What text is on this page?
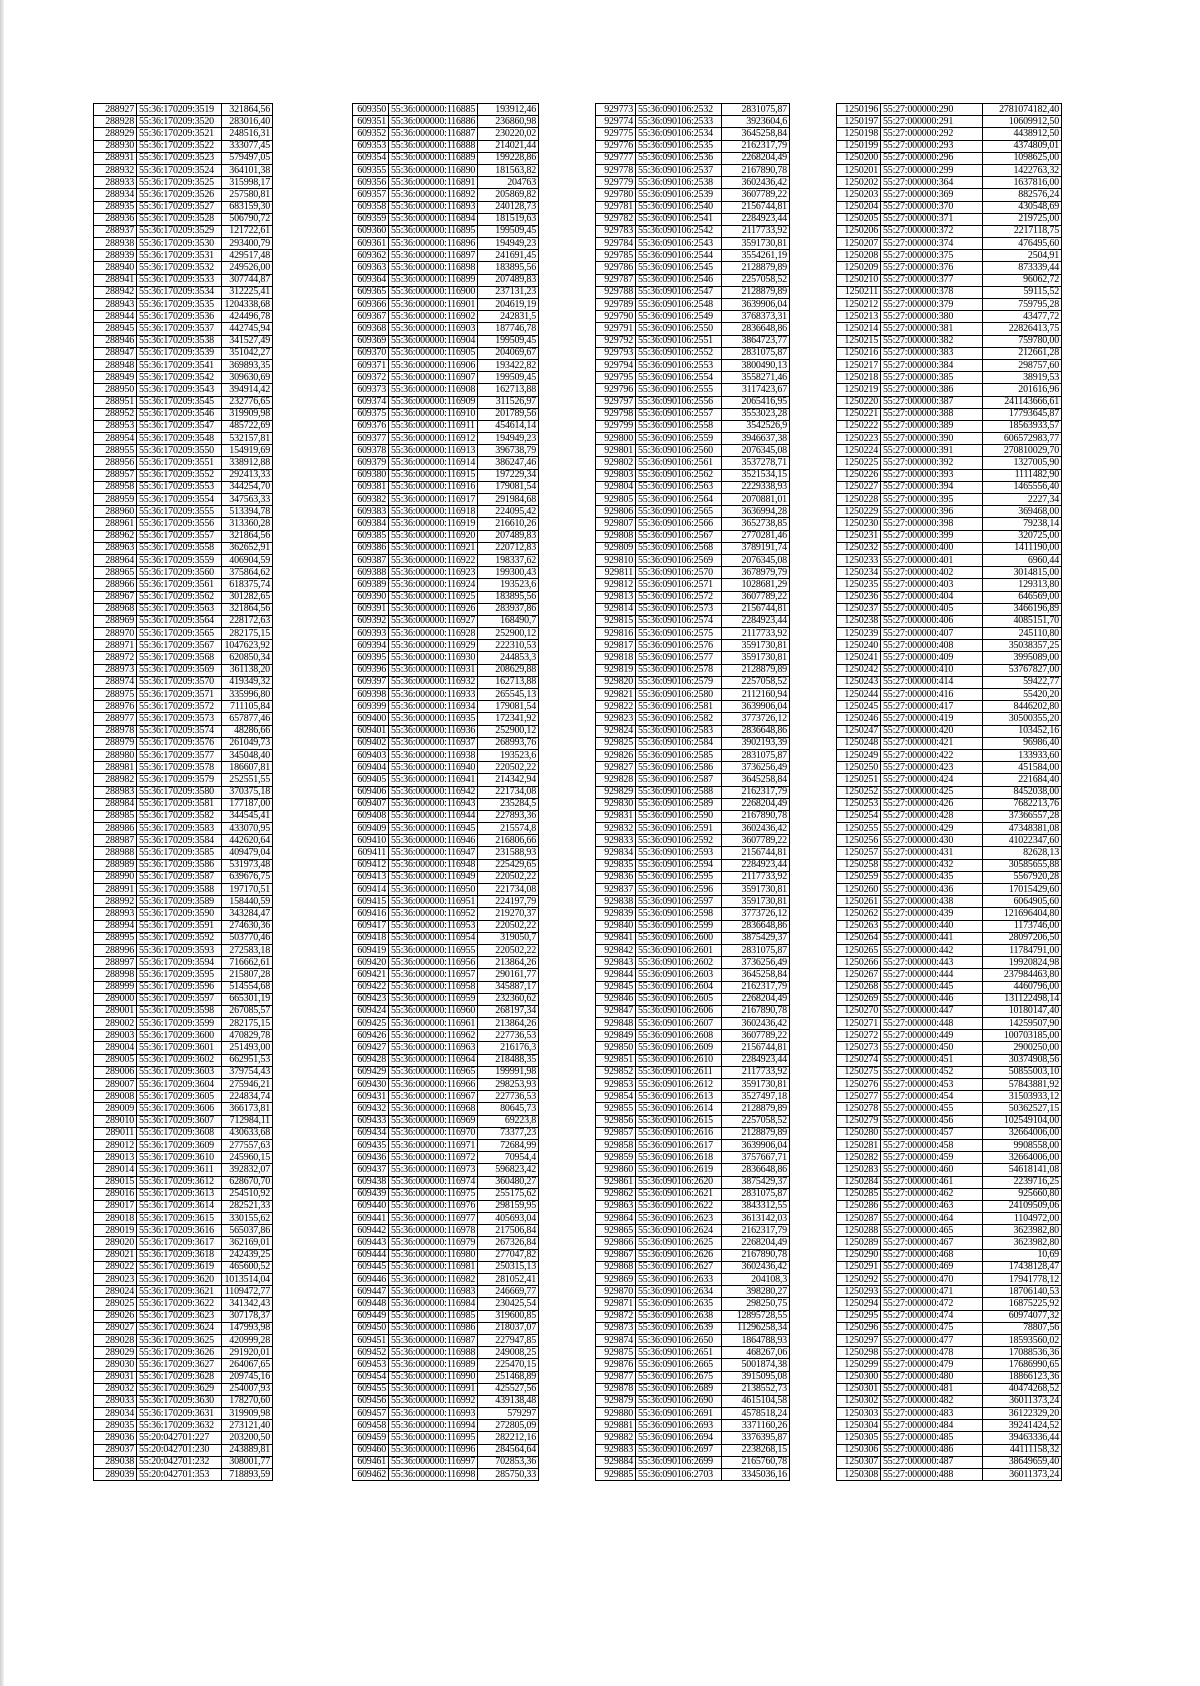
288927	55:36:170209:3519	321864,56
288928	55:36:170209:3520	283016,40
288929	55:36:170209:3521	248516,31
288930	55:36:170209:3522	333077,45
288931	55:36:170209:3523	579497,05
288932	55:36:170209:3524	364101,38
288933	55:36:170209:3525	315998,17
288934	55:36:170209:3526	257580,81
288935	55:36:170209:3527	683159,30
288936	55:36:170209:3528	506790,72
288937	55:36:170209:3529	121722,61
288938	55:36:170209:3530	293400,79
288939	55:36:170209:3531	429517,48
288940	55:36:170209:3532	249526,00
288941	55:36:170209:3533	307744,87
288942	55:36:170209:3534	312225,41
288943	55:36:170209:3535	1204338,68
288944	55:36:170209:3536	424496,78
288945	55:36:170209:3537	442745,94
288946	55:36:170209:3538	341527,49
288947	55:36:170209:3539	351042,27
288948	55:36:170209:3541	369893,35
288949	55:36:170209:3542	309630,69
288950	55:36:170209:3543	394914,42
288951	55:36:170209:3545	232776,65
288952	55:36:170209:3546	319909,98
288953	55:36:170209:3547	485722,69
288954	55:36:170209:3548	532157,81
288955	55:36:170209:3550	154919,69
288956	55:36:170209:3551	338912,88
288957	55:36:170209:3552	292413,33
288958	55:36:170209:3553	344254,70
288959	55:36:170209:3554	347563,33
288960	55:36:170209:3555	513394,78
288961	55:36:170209:3556	313360,28
288962	55:36:170209:3557	321864,56
288963	55:36:170209:3558	362652,91
288964	55:36:170209:3559	406904,59
288965	55:36:170209:3560	375864,62
288966	55:36:170209:3561	618375,74
288967	55:36:170209:3562	301282,65
288968	55:36:170209:3563	321864,56
288969	55:36:170209:3564	228172,63
288970	55:36:170209:3565	282175,15
288971	55:36:170209:3567	1047623,92
288972	55:36:170209:3568	620850,34
288973	55:36:170209:3569	361138,20
288974	55:36:170209:3570	419349,32
288975	55:36:170209:3571	335996,80
288976	55:36:170209:3572	711105,84
288977	55:36:170209:3573	657877,46
288978	55:36:170209:3574	48286,66
288979	55:36:170209:3576	261049,73
288980	55:36:170209:3577	345048,40
288981	55:36:170209:3578	186607,81
288982	55:36:170209:3579	252551,55
288983	55:36:170209:3580	370375,18
288984	55:36:170209:3581	177187,00
288985	55:36:170209:3582	344545,41
288986	55:36:170209:3583	433070,95
288987	55:36:170209:3584	442620,64
288988	55:36:170209:3585	409479,04
288989	55:36:170209:3586	531973,48
288990	55:36:170209:3587	639676,75
288991	55:36:170209:3588	197170,51
288992	55:36:170209:3589	158440,59
288993	55:36:170209:3590	343284,47
288994	55:36:170209:3591	274630,36
288995	55:36:170209:3592	503770,46
288996	55:36:170209:3593	272583,18
288997	55:36:170209:3594	716662,61
288998	55:36:170209:3595	215807,28
288999	55:36:170209:3596	514554,68
289000	55:36:170209:3597	665301,19
289001	55:36:170209:3598	267085,57
289002	55:36:170209:3599	282175,15
289003	55:36:170209:3600	470829,78
289004	55:36:170209:3601	251493,00
289005	55:36:170209:3602	662951,53
289006	55:36:170209:3603	379754,43
289007	55:36:170209:3604	275946,21
289008	55:36:170209:3605	224834,74
289009	55:36:170209:3606	366173,81
289010	55:36:170209:3607	712984,11
289011	55:36:170209:3608	430633,68
289012	55:36:170209:3609	277557,63
289013	55:36:170209:3610	245960,15
289014	55:36:170209:3611	392832,07
289015	55:36:170209:3612	628670,70
289016	55:36:170209:3613	254510,92
289017	55:36:170209:3614	282521,33
289018	55:36:170209:3615	330155,62
289019	55:36:170209:3616	565037,86
289020	55:36:170209:3617	362169,01
289021	55:36:170209:3618	242439,25
289022	55:36:170209:3619	465600,52
289023	55:36:170209:3620	1013514,04
289024	55:36:170209:3621	1109472,77
289025	55:36:170209:3622	341342,43
289026	55:36:170209:3623	307178,37
289027	55:36:170209:3624	147993,98
289028	55:36:170209:3625	420999,28
289029	55:36:170209:3626	291920,01
289030	55:36:170209:3627	264067,65
289031	55:36:170209:3628	209745,16
289032	55:36:170209:3629	254007,93
289033	55:36:170209:3630	178270,60
289034	55:36:170209:3631	319909,98
289035	55:36:170209:3632	273121,40
289036	55:20:042701:227	203200,50
289037	55:20:042701:230	243889,81
289038	55:20:042701:232	308001,77
289039	55:20:042701:353	718893,59
609350	55:36:000000:116885	193912,46
609351	55:36:000000:116886	236860,98
609352	55:36:000000:116887	230220,02
609353	55:36:000000:116888	214021,44
609354	55:36:000000:116889	199228,86
609355	55:36:000000:116890	181563,82
609356	55:36:000000:116891	204763
609357	55:36:000000:116892	205869,82
609358	55:36:000000:116893	240128,73
609359	55:36:000000:116894	181519,63
609360	55:36:000000:116895	199509,45
609361	55:36:000000:116896	194949,23
609362	55:36:000000:116897	241691,45
609363	55:36:000000:116898	183895,56
609364	55:36:000000:116899	207489,83
609365	55:36:000000:116900	237131,23
609366	55:36:000000:116901	204619,19
609367	55:36:000000:116902	242831,5
609368	55:36:000000:116903	187746,78
609369	55:36:000000:116904	199509,45
609370	55:36:000000:116905	204069,67
609371	55:36:000000:116906	193422,82
609372	55:36:000000:116907	199509,45
609373	55:36:000000:116908	162713,88
609374	55:36:000000:116909	311526,97
609375	55:36:000000:116910	201789,56
609376	55:36:000000:116911	454614,14
609377	55:36:000000:116912	194949,23
609378	55:36:000000:116913	396738,79
609379	55:36:000000:116914	386247,46
609380	55:36:000000:116915	197229,34
609381	55:36:000000:116916	179081,54
609382	55:36:000000:116917	291984,68
609383	55:36:000000:116918	224095,42
609384	55:36:000000:116919	216610,26
609385	55:36:000000:116920	207489,83
609386	55:36:000000:116921	220712,83
609387	55:36:000000:116922	198337,62
609388	55:36:000000:116923	199300,43
609389	55:36:000000:116924	193523,6
609390	55:36:000000:116925	183895,56
609391	55:36:000000:116926	283937,86
609392	55:36:000000:116927	168490,7
609393	55:36:000000:116928	252900,12
609394	55:36:000000:116929	222310,53
609395	55:36:000000:116930	244853,3
609396	55:36:000000:116931	208629,88
609397	55:36:000000:116932	162713,88
609398	55:36:000000:116933	265545,13
609399	55:36:000000:116934	179081,54
609400	55:36:000000:116935	172341,92
609401	55:36:000000:116936	252900,12
609402	55:36:000000:116937	268993,76
609403	55:36:000000:116938	193523,6
609404	55:36:000000:116940	220502,22
609405	55:36:000000:116941	214342,94
609406	55:36:000000:116942	221734,08
609407	55:36:000000:116943	235284,5
609408	55:36:000000:116944	227893,36
609409	55:36:000000:116945	215574,8
609410	55:36:000000:116946	216806,66
609411	55:36:000000:116947	231588,93
609412	55:36:000000:116948	225429,65
609413	55:36:000000:116949	220502,22
609414	55:36:000000:116950	221734,08
609415	55:36:000000:116951	224197,79
609416	55:36:000000:116952	219270,37
609417	55:36:000000:116953	220502,22
609418	55:36:000000:116954	319050,7
609419	55:36:000000:116955	220502,22
609420	55:36:000000:116956	213864,26
609421	55:36:000000:116957	290161,77
609422	55:36:000000:116958	345887,17
609423	55:36:000000:116959	232360,62
609424	55:36:000000:116960	268197,34
609425	55:36:000000:116961	213864,26
609426	55:36:000000:116962	227736,53
609427	55:36:000000:116963	216176,3
609428	55:36:000000:116964	218488,35
609429	55:36:000000:116965	199991,98
609430	55:36:000000:116966	298253,93
609431	55:36:000000:116967	227736,53
609432	55:36:000000:116968	80645,73
609433	55:36:000000:116969	69223,8
609434	55:36:000000:116970	73377,23
609435	55:36:000000:116971	72684,99
609436	55:36:000000:116972	70954,4
609437	55:36:000000:116973	596823,42
609438	55:36:000000:116974	360480,27
609439	55:36:000000:116975	255175,62
609440	55:36:000000:116976	298159,95
609441	55:36:000000:116977	405693,04
609442	55:36:000000:116978	217506,84
609443	55:36:000000:116979	267326,84
609444	55:36:000000:116980	277047,82
609445	55:36:000000:116981	250315,13
609446	55:36:000000:116982	281052,41
609447	55:36:000000:116983	246669,77
609448	55:36:000000:116984	230425,54
609449	55:36:000000:116985	319600,85
609450	55:36:000000:116986	218037,07
609451	55:36:000000:116987	227947,85
609452	55:36:000000:116988	249008,25
609453	55:36:000000:116989	225470,15
609454	55:36:000000:116990	251468,89
609455	55:36:000000:116991	425527,56
609456	55:36:000000:116992	439138,48
609457	55:36:000000:116993	579297
609458	55:36:000000:116994	272805,09
609459	55:36:000000:116995	282212,16
609460	55:36:000000:116996	284564,64
609461	55:36:000000:116997	702853,36
609462	55:36:000000:116998	285750,33
929773	55:36:090106:2532	2831075,87
929774	55:36:090106:2533	3923604,6
929775	55:36:090106:2534	3645258,84
929776	55:36:090106:2535	2162317,79
929777	55:36:090106:2536	2268204,49
929778	55:36:090106:2537	2167890,78
929779	55:36:090106:2538	3602436,42
929780	55:36:090106:2539	3607789,22
929781	55:36:090106:2540	2156744,81
929782	55:36:090106:2541	2284923,44
929783	55:36:090106:2542	2117733,92
929784	55:36:090106:2543	3591730,81
929785	55:36:090106:2544	3554261,19
929786	55:36:090106:2545	2128879,89
929787	55:36:090106:2546	2257058,52
929788	55:36:090106:2547	2128879,89
929789	55:36:090106:2548	3639906,04
929790	55:36:090106:2549	3768373,31
929791	55:36:090106:2550	2836648,86
929792	55:36:090106:2551	3864723,77
929793	55:36:090106:2552	2831075,87
929794	55:36:090106:2553	3800490,13
929795	55:36:090106:2554	3558271,46
929796	55:36:090106:2555	3117423,67
929797	55:36:090106:2556	2065416,95
929798	55:36:090106:2557	3553023,28
929799	55:36:090106:2558	3542526,9
929800	55:36:090106:2559	3946637,38
929801	55:36:090106:2560	2076345,08
929802	55:36:090106:2561	3537278,71
929803	55:36:090106:2562	3521534,15
929804	55:36:090106:2563	2229338,93
929805	55:36:090106:2564	2070881,01
929806	55:36:090106:2565	3636994,28
929807	55:36:090106:2566	3652738,85
929808	55:36:090106:2567	2770281,46
929809	55:36:090106:2568	3789191,74
929810	55:36:090106:2569	2076345,08
929811	55:36:090106:2570	3678979,79
929812	55:36:090106:2571	1028681,29
929813	55:36:090106:2572	3607789,22
929814	55:36:090106:2573	2156744,81
929815	55:36:090106:2574	2284923,44
929816	55:36:090106:2575	2117733,92
929817	55:36:090106:2576	3591730,81
929818	55:36:090106:2577	3591730,81
929819	55:36:090106:2578	2128879,89
929820	55:36:090106:2579	2257058,52
929821	55:36:090106:2580	2112160,94
929822	55:36:090106:2581	3639906,04
929823	55:36:090106:2582	3773726,12
929824	55:36:090106:2583	2836648,86
929825	55:36:090106:2584	3902193,39
929826	55:36:090106:2585	2831075,87
929827	55:36:090106:2586	3736256,49
929828	55:36:090106:2587	3645258,84
929829	55:36:090106:2588	2162317,79
929830	55:36:090106:2589	2268204,49
929831	55:36:090106:2590	2167890,78
929832	55:36:090106:2591	3602436,42
929833	55:36:090106:2592	3607789,22
929834	55:36:090106:2593	2156744,81
929835	55:36:090106:2594	2284923,44
929836	55:36:090106:2595	2117733,92
929837	55:36:090106:2596	3591730,81
929838	55:36:090106:2597	3591730,81
929839	55:36:090106:2598	3773726,12
929840	55:36:090106:2599	2836648,86
929841	55:36:090106:2600	3875429,37
929842	55:36:090106:2601	2831075,87
929843	55:36:090106:2602	3736256,49
929844	55:36:090106:2603	3645258,84
929845	55:36:090106:2604	2162317,79
929846	55:36:090106:2605	2268204,49
929847	55:36:090106:2606	2167890,78
929848	55:36:090106:2607	3602436,42
929849	55:36:090106:2608	3607789,22
929850	55:36:090106:2609	2156744,81
929851	55:36:090106:2610	2284923,44
929852	55:36:090106:2611	2117733,92
929853	55:36:090106:2612	3591730,81
929854	55:36:090106:2613	3527497,18
929855	55:36:090106:2614	2128879,89
929856	55:36:090106:2615	2257058,52
929857	55:36:090106:2616	2128879,89
929858	55:36:090106:2617	3639906,04
929859	55:36:090106:2618	3757667,71
929860	55:36:090106:2619	2836648,86
929861	55:36:090106:2620	3875429,37
929862	55:36:090106:2621	2831075,87
929863	55:36:090106:2622	3843312,55
929864	55:36:090106:2623	3613142,03
929865	55:36:090106:2624	2162317,79
929866	55:36:090106:2625	2268204,49
929867	55:36:090106:2626	2167890,78
929868	55:36:090106:2627	3602436,42
929869	55:36:090106:2633	204108,3
929870	55:36:090106:2634	398280,27
929871	55:36:090106:2635	298250,75
929872	55:36:090106:2638	12895728,55
929873	55:36:090106:2639	11296258,34
929874	55:36:090106:2650	1864788,93
929875	55:36:090106:2651	468267,06
929876	55:36:090106:2665	5001874,38
929877	55:36:090106:2675	3915095,08
929878	55:36:090106:2689	2138552,73
929879	55:36:090106:2690	4615104,58
929880	55:36:090106:2691	4578518,24
929881	55:36:090106:2693	3371160,26
929882	55:36:090106:2694	3376395,87
929883	55:36:090106:2697	2238268,15
929884	55:36:090106:2699	2165760,78
929885	55:36:090106:2703	3345036,16
1250196	55:27:000000:290	2781074182,40
1250197	55:27:000000:291	10609912,50
1250198	55:27:000000:292	4438912,50
1250199	55:27:000000:293	4374809,01
1250200	55:27:000000:296	1098625,00
1250201	55:27:000000:299	1422763,32
1250202	55:27:000000:364	1637816,00
1250203	55:27:000000:369	882576,24
1250204	55:27:000000:370	430548,69
1250205	55:27:000000:371	219725,00
1250206	55:27:000000:372	2217118,75
1250207	55:27:000000:374	476495,60
1250208	55:27:000000:375	2504,91
1250209	55:27:000000:376	873339,44
1250210	55:27:000000:377	96062,72
1250211	55:27:000000:378	59115,52
1250212	55:27:000000:379	759795,28
1250213	55:27:000000:380	43477,72
1250214	55:27:000000:381	22826413,75
1250215	55:27:000000:382	759780,00
1250216	55:27:000000:383	212661,28
1250217	55:27:000000:384	298757,60
1250218	55:27:000000:385	38919,53
1250219	55:27:000000:386	201616,96
1250220	55:27:000000:387	241143666,61
1250221	55:27:000000:388	17793645,87
1250222	55:27:000000:389	18563933,57
1250223	55:27:000000:390	606572983,77
1250224	55:27:000000:391	270810029,70
1250225	55:27:000000:392	1327005,90
1250226	55:27:000000:393	1111482,90
1250227	55:27:000000:394	1465556,40
1250228	55:27:000000:395	2227,34
1250229	55:27:000000:396	369468,00
1250230	55:27:000000:398	79238,14
1250231	55:27:000000:399	320725,00
1250232	55:27:000000:400	1411190,00
1250233	55:27:000000:401	6960,44
1250234	55:27:000000:402	3014815,00
1250235	55:27:000000:403	129313,80
1250236	55:27:000000:404	646569,00
1250237	55:27:000000:405	3466196,89
1250238	55:27:000000:406	4085151,70
1250239	55:27:000000:407	245110,80
1250240	55:27:000000:408	35038357,25
1250241	55:27:000000:409	3995089,00
1250242	55:27:000000:410	53767827,00
1250243	55:27:000000:414	59422,77
1250244	55:27:000000:416	55420,20
1250245	55:27:000000:417	8446202,80
1250246	55:27:000000:419	30500355,20
1250247	55:27:000000:420	103452,16
1250248	55:27:000000:421	96986,40
1250249	55:27:000000:422	133933,60
1250250	55:27:000000:423	451584,00
1250251	55:27:000000:424	221684,40
1250252	55:27:000000:425	8452038,00
1250253	55:27:000000:426	7682213,76
1250254	55:27:000000:428	37366557,28
1250255	55:27:000000:429	47348381,08
1250256	55:27:000000:430	41022347,60
1250257	55:27:000000:431	82628,13
1250258	55:27:000000:432	30585655,88
1250259	55:27:000000:435	5567920,28
1250260	55:27:000000:436	17015429,60
1250261	55:27:000000:438	6064905,60
1250262	55:27:000000:439	121696404,80
1250263	55:27:000000:440	1173746,00
1250264	55:27:000000:441	28097206,50
1250265	55:27:000000:442	11784791,00
1250266	55:27:000000:443	19920824,98
1250267	55:27:000000:444	237984463,80
1250268	55:27:000000:445	4460796,00
1250269	55:27:000000:446	131122498,14
1250270	55:27:000000:447	10180147,40
1250271	55:27:000000:448	14259507,90
1250272	55:27:000000:449	100703185,00
1250273	55:27:000000:450	2900250,00
1250274	55:27:000000:451	30374908,56
1250275	55:27:000000:452	50855003,10
1250276	55:27:000000:453	57843881,92
1250277	55:27:000000:454	31503933,12
1250278	55:27:000000:455	50362527,15
1250279	55:27:000000:456	102549104,00
1250280	55:27:000000:457	32664006,00
1250281	55:27:000000:458	9908558,00
1250282	55:27:000000:459	32664006,00
1250283	55:27:000000:460	54618141,08
1250284	55:27:000000:461	2239716,25
1250285	55:27:000000:462	925660,80
1250286	55:27:000000:463	24109509,06
1250287	55:27:000000:464	1104972,00
1250288	55:27:000000:465	3623982,80
1250289	55:27:000000:467	3623982,80
1250290	55:27:000000:468	10,69
1250291	55:27:000000:469	17438128,47
1250292	55:27:000000:470	17941778,12
1250293	55:27:000000:471	18706140,53
1250294	55:27:000000:472	16875225,92
1250295	55:27:000000:474	60974077,32
1250296	55:27:000000:475	78807,56
1250297	55:27:000000:477	18593560,02
1250298	55:27:000000:478	17088536,36
1250299	55:27:000000:479	17686990,65
1250300	55:27:000000:480	18866123,36
1250301	55:27:000000:481	40474268,52
1250302	55:27:000000:482	36011373,24
1250303	55:27:000000:483	36122329,20
1250304	55:27:000000:484	39241424,52
1250305	55:27:000000:485	39463336,44
1250306	55:27:000000:486	44111158,32
1250307	55:27:000000:487	38649659,40
1250308	55:27:000000:488	36011373,24
